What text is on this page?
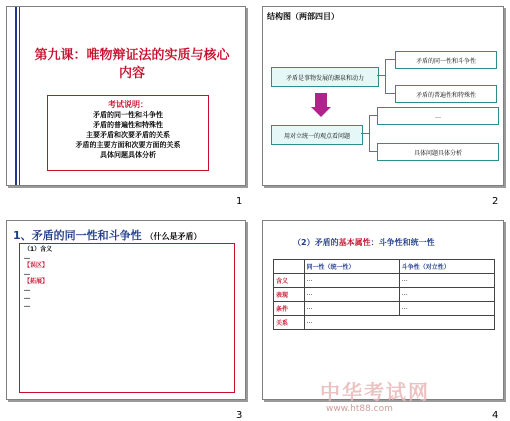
第九课：唯物辩证法的实质与核心内容
考试说明：
矛盾的同一性和斗争性
矛盾的普遍性和特殊性
主要矛盾和次要矛盾的关系
矛盾的主要方面和次要方面的关系
具体问题具体分析
1
结构图（两部四目）
矛盾是事物发展的源泉和动力
矛盾的同一性和斗争性
矛盾的普遍性和特殊性
用对立统一的观点看问题
…
具体问题具体分析
2
1、矛盾的同一性和斗争性 （什么是矛盾）
（1）含义
…
【误区】
…
【拓展】
…
…
…
3
（2）矛盾的基本属性：斗争性和统一性
	同一性（统一性）	斗争性（对立性）
含义	…	…
表现	…	…
条件	…	…
关系	…	
4
中华考试网
www.ht88.com
